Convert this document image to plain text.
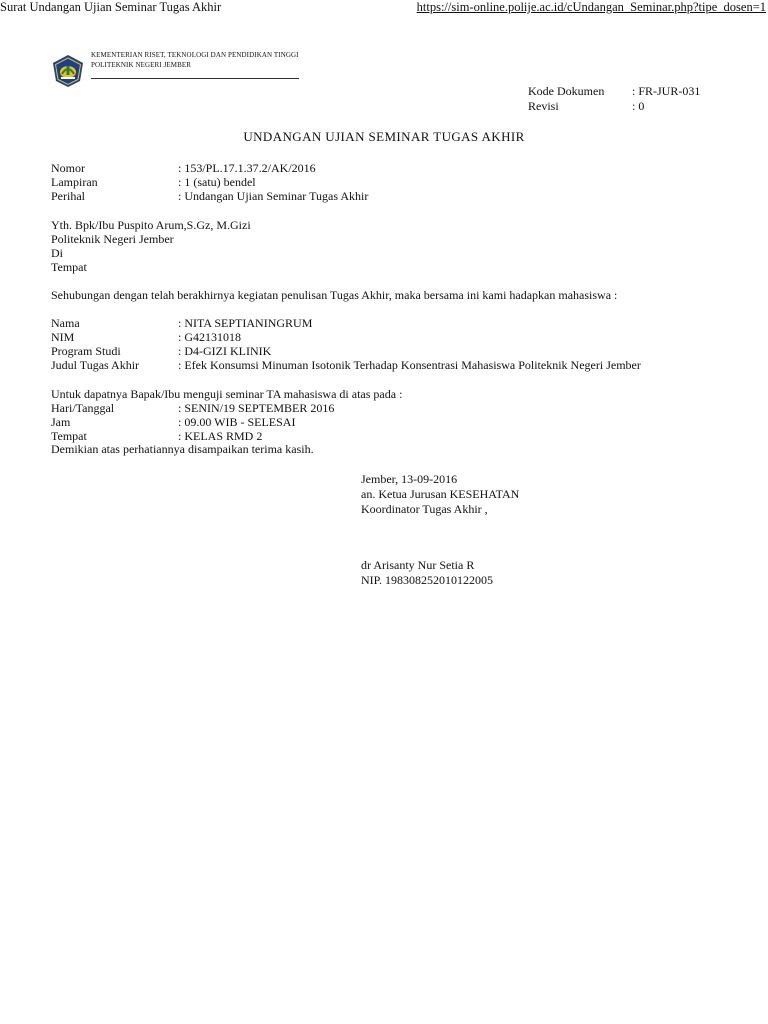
Surat Undangan Ujian Seminar Tugas Akhir	https://sim-online.polije.ac.id/cUndangan_Seminar.php?tipe_dosen=1
KEMENTERIAN RISET, TEKNOLOGI DAN PENDIDIKAN TINGGI
POLITEKNIK NEGERI JEMBER
Kode Dokumen	: FR-JUR-031
Revisi	: 0
UNDANGAN UJIAN SEMINAR TUGAS AKHIR
Nomor	: 153/PL.17.1.37.2/AK/2016
Lampiran	: 1 (satu) bendel
Perihal	: Undangan Ujian Seminar Tugas Akhir
Yth. Bpk/Ibu Puspito Arum,S.Gz, M.Gizi
Politeknik Negeri Jember
Di
Tempat
Sehubungan dengan telah berakhirnya kegiatan penulisan Tugas Akhir, maka bersama ini kami hadapkan mahasiswa :
Nama	: NITA SEPTIANINGRUM
NIM	: G42131018
Program Studi	: D4-GIZI KLINIK
Judul Tugas Akhir	: Efek Konsumsi Minuman Isotonik Terhadap Konsentrasi Mahasiswa Politeknik Negeri Jember
Untuk dapatnya Bapak/Ibu menguji seminar TA mahasiswa di atas pada :
Hari/Tanggal	: SENIN/19 SEPTEMBER 2016
Jam	: 09.00 WIB - SELESAI
Tempat	: KELAS RMD 2
Demikian atas perhatiannya disampaikan terima kasih.
Jember, 13-09-2016
an. Ketua Jurusan KESEHATAN
Koordinator Tugas Akhir ,
dr Arisanty Nur Setia R
NIP. 198308252010122005
